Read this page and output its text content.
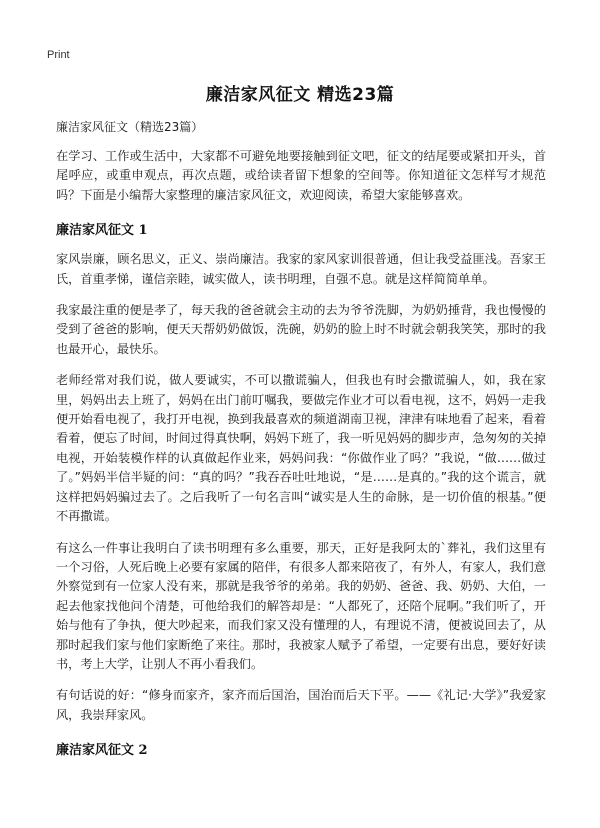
Print
廉洁家风征文 精选23篇
廉洁家风征文（精选23篇）

在学习、工作或生活中，大家都不可避免地要接触到征文吧，征文的结尾要或紧扣开头，首尾呼应，或重申观点，再次点题，或给读者留下想象的空间等。你知道征文怎样写才规范吗？下面是小编帮大家整理的廉洁家风征文，欢迎阅读，希望大家能够喜欢。

廉洁家风征文 1

家风崇廉，顾名思义，正义、崇尚廉洁。我家的家风家训很普通，但让我受益匪浅。吾家王氏，首重孝悌，谨信亲睦，诚实做人，读书明理，自强不息。就是这样简简单单。

我家最注重的便是孝了，每天我的爸爸就会主动的去为爷爷洗脚，为奶奶捶背，我也慢慢的受到了爸爸的影响，便天天帮奶奶做饭，洗碗，奶奶的脸上时不时就会朝我笑笑，那时的我也最开心，最快乐。

老师经常对我们说，做人要诚实，不可以撒谎骗人，但我也有时会撒谎骗人，如，我在家里，妈妈出去上班了，妈妈在出门前叮嘱我，要做完作业才可以看电视，这不，妈妈一走我便开始看电视了，我打开电视，换到我最喜欢的频道湖南卫视，津津有味地看了起来，看着看着，便忘了时间，时间过得真快啊，妈妈下班了，我一听见妈妈的脚步声，急匆匆的关掉电视，开始装模作样的认真做起作业来，妈妈问我：“你做作业了吗？”我说，“做……做过了。”妈妈半信半疑的问：“真的吗？”我吞吞吐吐地说，“是……是真的。”我的这个谎言，就这样把妈妈骗过去了。之后我听了一句名言叫“诚实是人生的命脉，是一切价值的根基。”便不再撒谎。

有这么一件事让我明白了读书明理有多么重要，那天，正好是我阿太的`葬礼，我们这里有一个习俗，人死后晚上必要有家属的陪伴，有很多人都来陪夜了，有外人，有家人，我们意外察觉到有一位家人没有来，那就是我爷爷的弟弟。我的奶奶、爸爸、我、奶奶、大伯，一起去他家找他问个清楚，可他给我们的解答却是：“人都死了，还陪个屁啊。”我们听了，开始与他有了争执，便大吵起来，而我们家又没有懂理的人，有理说不清，便被说回去了，从那时起我们家与他们家断绝了来往。那时，我被家人赋予了希望，一定要有出息，要好好读书，考上大学，让别人不再小看我们。

有句话说的好：“修身而家齐，家齐而后国治，国治而后天下平。——《礼记·大学》”我爱家风，我崇拜家风。

廉洁家风征文 2
